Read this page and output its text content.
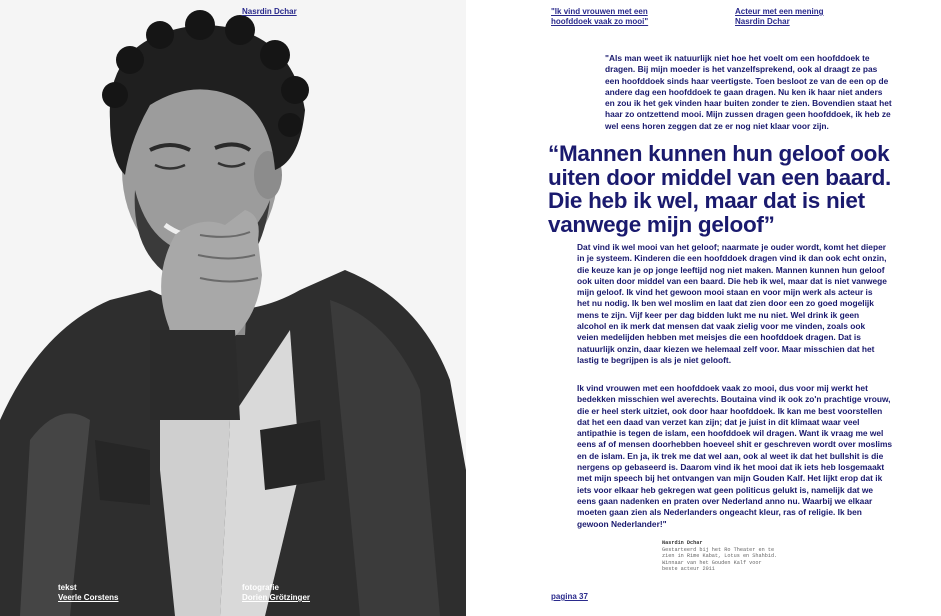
Nasrdin Dchar
tekst
Veerle Corstens
fotografie
Dorien Grötzinger
"Ik vind vrouwen met een hoofddoek vaak zo mooi"
Acteur met een mening
Nasrdin Dchar
"Als man weet ik natuurlijk niet hoe het voelt om een hoofddoek te dragen. Bij mijn moeder is het vanzelfsprekend, ook al draagt ze pas een hoofddoek sinds haar veertigste. Toen besloot ze van de een op de andere dag een hoofddoek te gaan dragen. Nu ken ik haar niet anders en zou ik het gek vinden haar buiten zonder te zien. Bovendien staat het haar zo ontzettend mooi. Mijn zussen dragen geen hoofddoek, ik heb ze wel eens horen zeggen dat ze er nog niet klaar voor zijn.
“Mannen kunnen hun geloof ook uiten door middel van een baard. Die heb ik wel, maar dat is niet vanwege mijn geloof”

Dat vind ik wel mooi van het geloof; naarmate je ouder wordt, komt het dieper in je systeem. Kinderen die een hoofddoek dragen vind ik dan ook echt onzin, die keuze kan je op jonge leeftijd nog niet maken. Mannen kunnen hun geloof ook uiten door middel van een baard. Die heb ik wel, maar dat is niet vanwege mijn geloof. Ik vind het gewoon mooi staan en voor mijn werk als acteur is het nu nodig. Ik ben wel moslim en laat dat zien door een zo goed mogelijk mens te zijn. Vijf keer per dag bidden lukt me nu niet. Wel drink ik geen alcohol en ik merk dat mensen dat vaak zielig voor me vinden, zoals ook veien medelijden hebben met meisjes die een hoofddoek dragen. Dat is natuurlijk onzin, daar kiezen we helemaal zelf voor. Maar misschien dat het lastig te begrijpen is als je niet gelooft.

Ik vind vrouwen met een hoofddoek vaak zo mooi, dus voor mij werkt het bedekken misschien wel averechts. Boutaina vind ik ook zo'n prachtige vrouw, die er heel sterk uitziet, ook door haar hoofddoek. Ik kan me best voorstellen dat het een daad van verzet kan zijn; dat je juist in dit klimaat waar veel antipathie is tegen de islam, een hoofddoek wil dragen. Want ik vraag me wel eens af of mensen doorhebben hoeveel shit er geschreven wordt over moslims en de islam. En ja, ik trek me dat wel aan, ook al weet ik dat het bullshit is die nergens op gebaseerd is. Daarom vind ik het mooi dat ik iets heb losgemaakt met mijn speech bij het ontvangen van mijn Gouden Kalf. Het lijkt erop dat ik iets voor elkaar heb gekregen wat geen politicus gelukt is, namelijk dat we eens gaan nadenken en praten over Nederland anno nu. Waarbij we elkaar moeten gaan zien als Nederlanders ongeacht kleur, ras of religie. Ik ben gewoon Nederlander!"

Nasrdin Dchar
Gestarteerd bij het Ro Theater en te zien in Rime Kabat, Lotus en Shahbid. Winnaar van het Gouden Kalf voor beste acteur 2011
pagina 37
